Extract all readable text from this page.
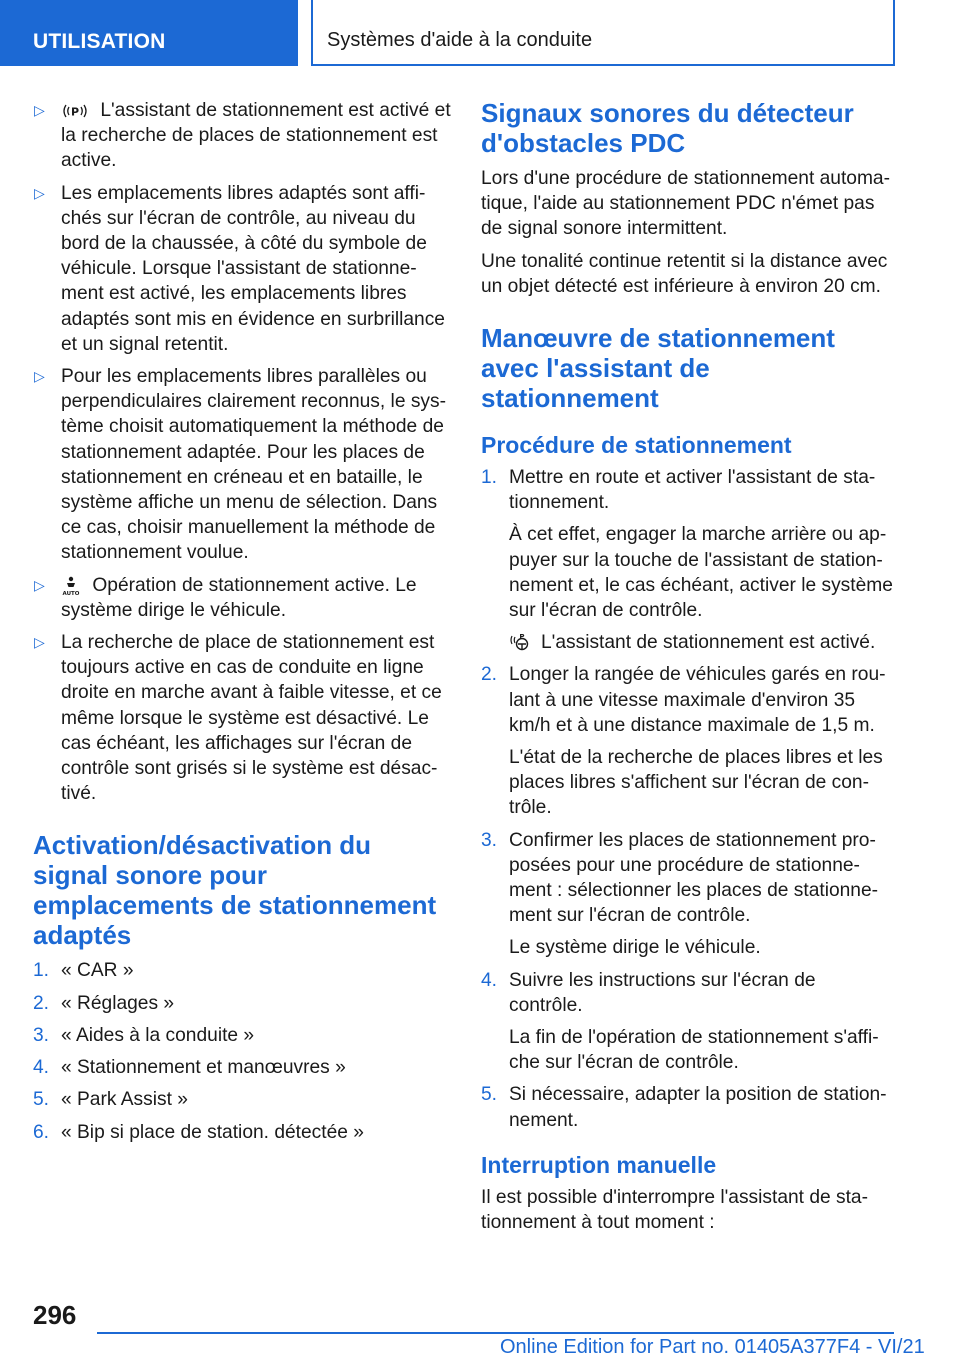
UTILISATION	Systèmes d'aide à la conduite
▷ P L'assistant de stationnement est activé et la recherche de places de stationnement est active.
▷ Les emplacements libres adaptés sont affi‐chés sur l'écran de contrôle, au niveau du bord de la chaussée, à côté du symbole de véhicule. Lorsque l'assistant de stationne‐ment est activé, les emplacements libres adaptés sont mis en évidence en surbrillance et un signal retentit.
▷ Pour les emplacements libres parallèles ou perpendiculaires clairement reconnus, le sys‐tème choisit automatiquement la méthode de stationnement adaptée. Pour les places de stationnement en créneau et en bataille, le système affiche un menu de sélection. Dans ce cas, choisir manuellement la méthode de stationnement voulue.
▷
AUTO Opération de stationnement active. Le système dirige le véhicule.
▷ La recherche de place de stationnement est toujours active en cas de conduite en ligne droite en marche avant à faible vitesse, et ce même lorsque le système est désactivé. Le cas échéant, les affichages sur l'écran de contrôle sont grisés si le système est désac‐tivé.
Activation/désactivation du signal sonore pour emplacements de stationnement adaptés
1. « CAR »
2. « Réglages »
3. « Aides à la conduite »
4. « Stationnement et manœuvres »
5. « Park Assist »
6. « Bip si place de station. détectée »
Signaux sonores du détecteur d'obstacles PDC

Lors d'une procédure de stationnement automa‐tique, l'aide au stationnement PDC n'émet pas de signal sonore intermittent.

Une tonalité continue retentit si la distance avec un objet détecté est inférieure à environ 20 cm.

Manœuvre de stationnement avec l'assistant de stationnement
Procédure de stationnement
1. Mettre en route et activer l'assistant de sta‐tionnement.

À cet effet, engager la marche arrière ou ap‐puyer sur la touche de l'assistant de station‐nement et, le cas échéant, activer le système sur l'écran de contrôle.

P L'assistant de stationnement est activé.

2. Longer la rangée de véhicules garés en rou‐lant à une vitesse maximale d'environ 35 km/h et à une distance maximale de 1,5 m.

L'état de la recherche de places libres et les places libres s'affichent sur l'écran de con‐trôle.

3. Confirmer les places de stationnement pro‐posées pour une procédure de stationne‐ment : sélectionner les places de stationne‐ment sur l'écran de contrôle.

Le système dirige le véhicule.

4. Suivre les instructions sur l'écran de contrôle.

La fin de l'opération de stationnement s'affi‐che sur l'écran de contrôle.

5. Si nécessaire, adapter la position de station‐nement.
Interruption manuelle

Il est possible d'interrompre l'assistant de sta‐tionnement à tout moment :

296
Online Edition for Part no. 01405A377F4 - VI/21
